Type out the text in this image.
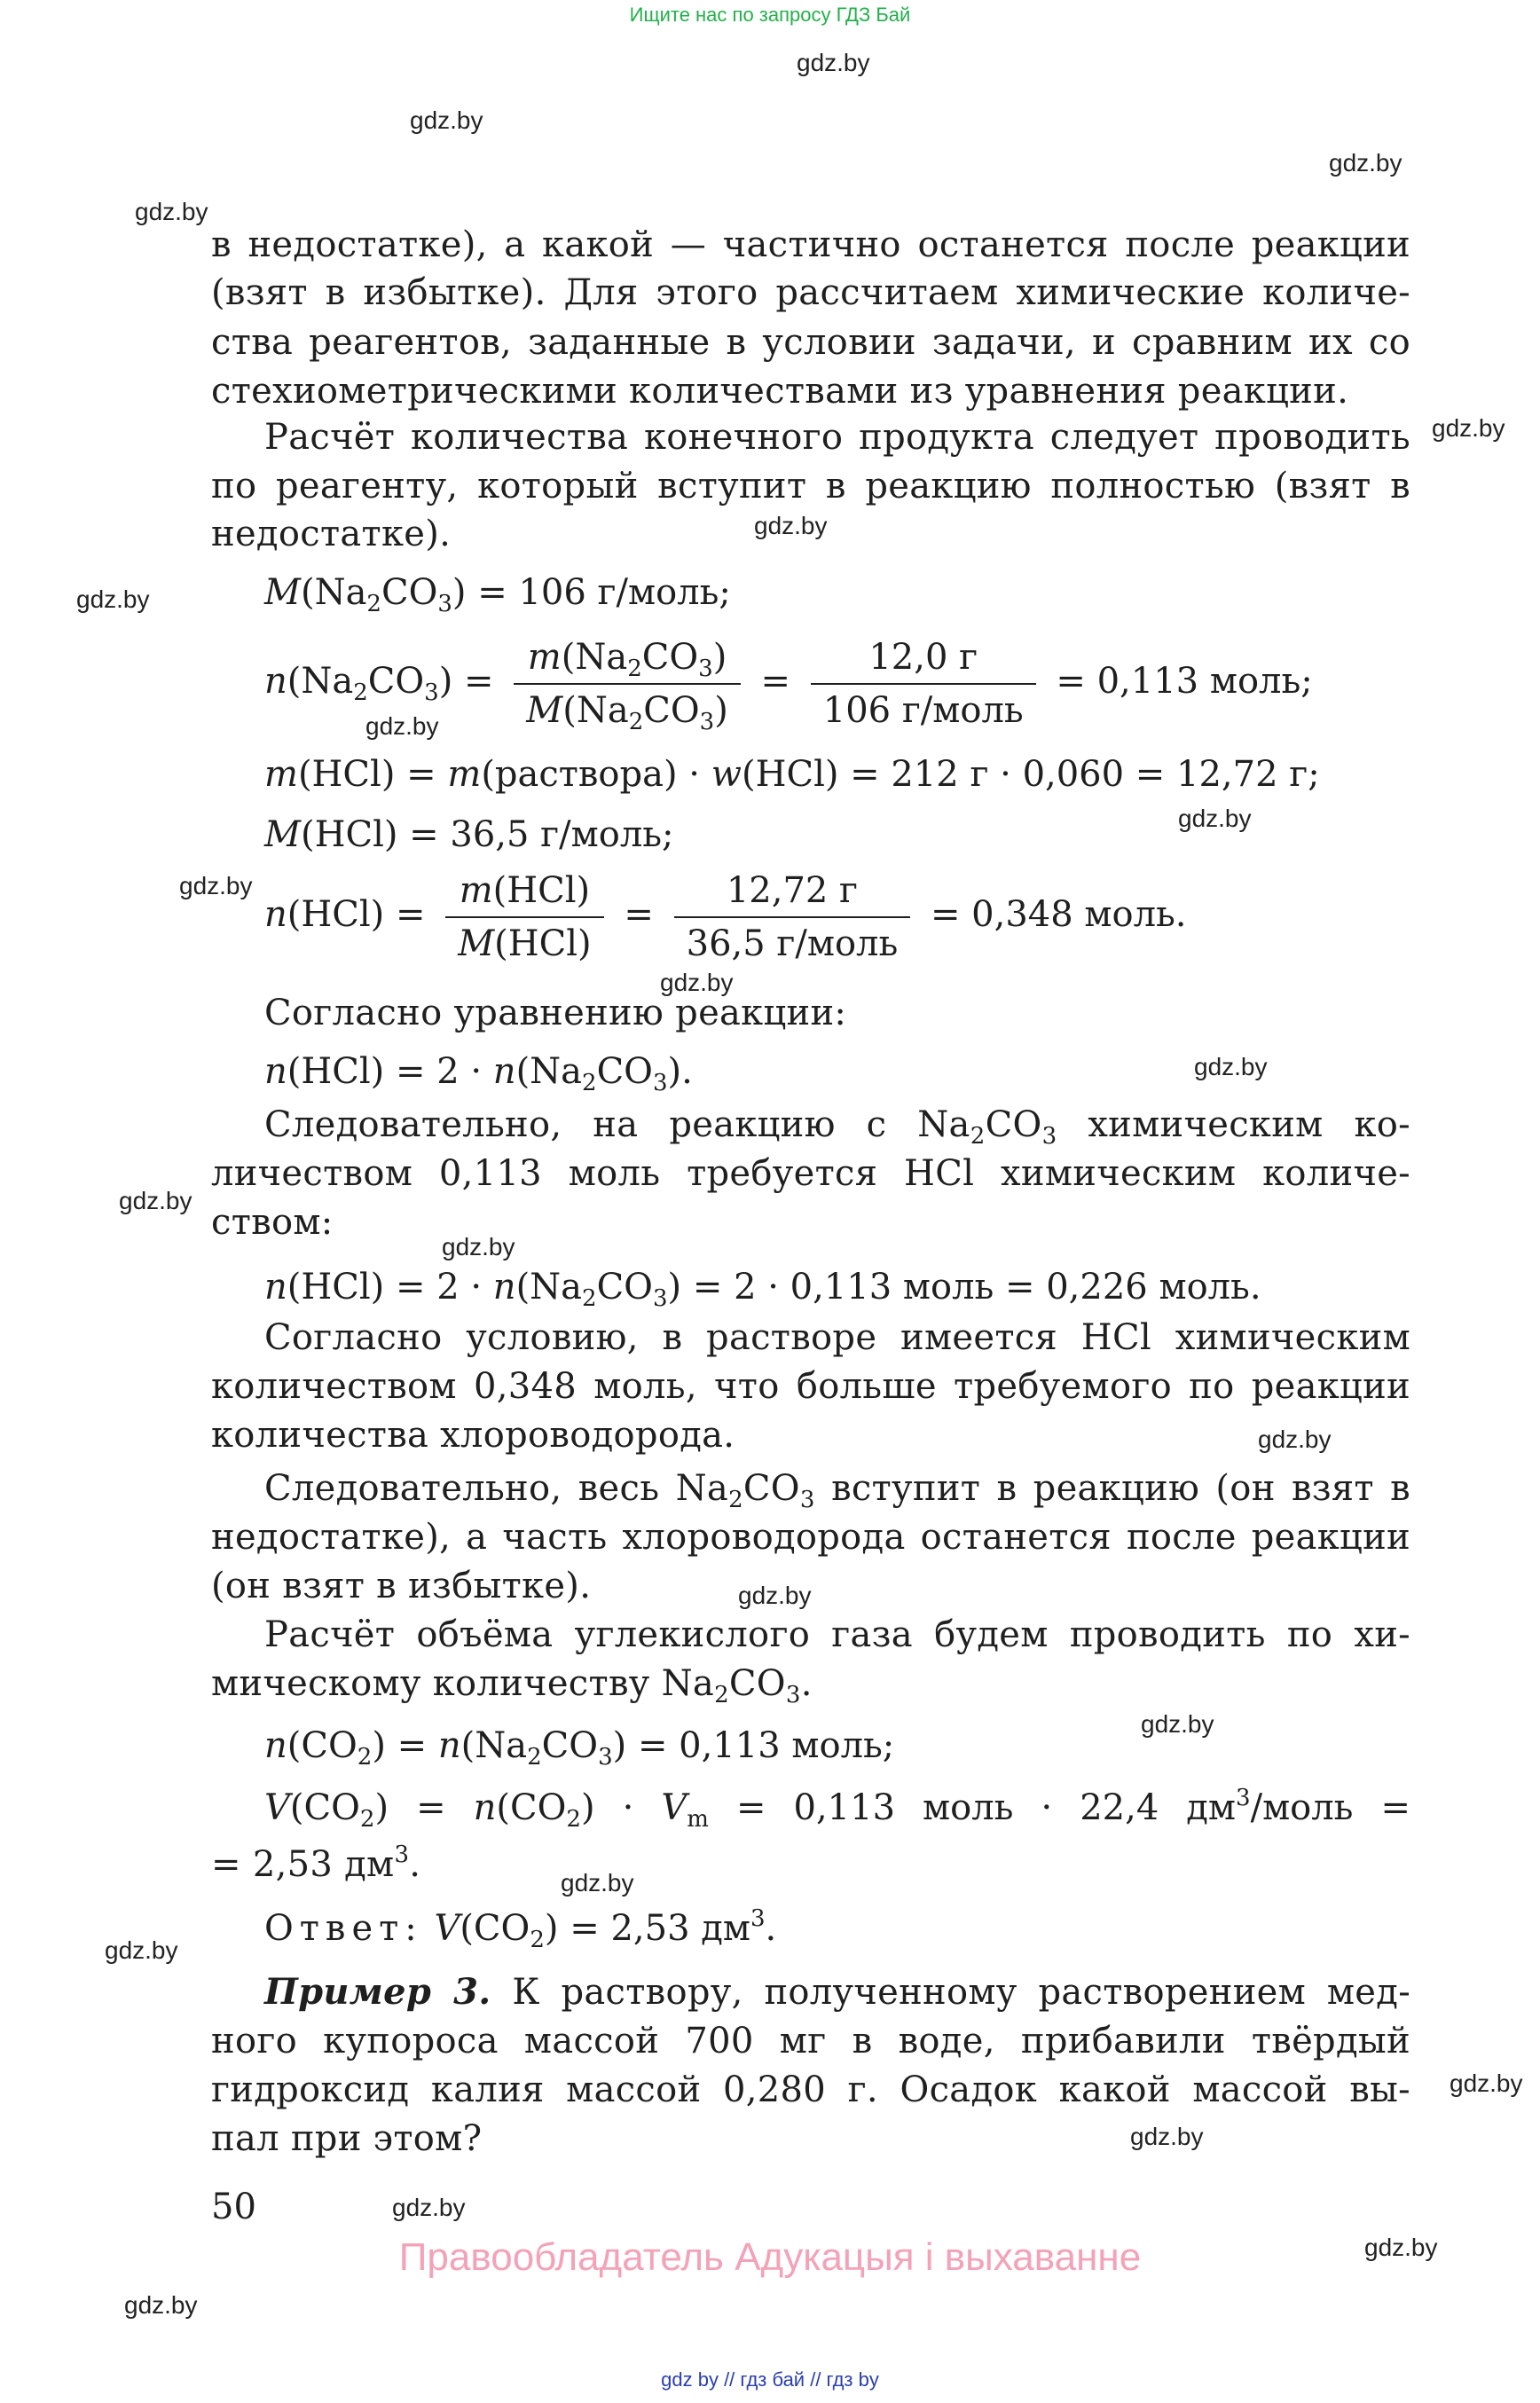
Ищите нас по запросу ГДЗ Бай
gdz.by
gdz.by
gdz.by
gdz.by
gdz.by
gdz.by
gdz.by
gdz.by
gdz.by
gdz.by
gdz.by
gdz.by
gdz.by
gdz.by
gdz.by
gdz.by
gdz.by
gdz.by
gdz.by
gdz.by
gdz.by
gdz.by
gdz.by
gdz.by
в недостатке), а какой — частично останется после реакции
(взят в избытке). Для этого рассчитаем химические количе-
ства реагентов, заданные в условии задачи, и сравним их со
стехиометрическими количествами из уравнения реакции.
Расчёт количества конечного продукта следует проводить
по реагенту, который вступит в реакцию полностью (взят в
недостатке).
$M(Na_2CO_3) = 106$ г/моль;
$n(Na_2CO_3) = \frac{m(Na_2CO_3)}{M(Na_2CO_3)} = \frac{12,0 г}{\text{106 г/моль}} = 0,113$ моль;
m(HCl) = m(раствора) · w(HCl) = 212 г · 0,060 = 12,72 г;
M(HCl) = 36,5 г/моль;
$n(HCl) = \frac{\text{m(HCl)}}{\text{M(HCl)}} = \frac{12,72 г}{\text{36,5 г/моль}} = 0,348$ моль.
Согласно уравнению реакции:
$n(HCl) = 2 \cdot n(Na_2CO_3)$.
Следовательно, на реакцию с $Na_2CO_3$ химическим ко-
личеством 0,113 моль требуется HCl химическим количе-
ством:
$n(HCl) = 2 \cdot n(Na_2CO_3) = 2 \cdot 0,113$ моль = 0,226 моль.
Согласно условию, в растворе имеется HCl химическим
количеством 0,348 моль, что больше требуемого по реакции
количества хлороводорода.
Следовательно, весь $Na_2CO_3$ вступит в реакцию (он взят в
недостатке), а часть хлороводорода останется после реакции
(он взят в избытке).
Расчёт объёма углекислого газа будем проводить по хи-
мическому количеству $Na_2CO_3$.
$n(CO_2) = n(Na_2CO_3) = 0,113$ моль;
$V(CO_2) = n(CO_2) \cdot V_m = 0,113$ моль · 22,4 $дм^3$/моль =
= 2,53 $дм^3$.
Ответ: $V(CO_2) = 2,53$ $дм^3$.
Пример 3. К раствору, полученному растворением мед-
ного купороса массой 700 мг в воде, прибавили твёрдый
гидроксид калия массой 0,280 г. Осадок какой массой вы-
пал при этом?
50
Правообладатель Адукацыя і выхаванне
gdz by // гдз бай // гдз by
